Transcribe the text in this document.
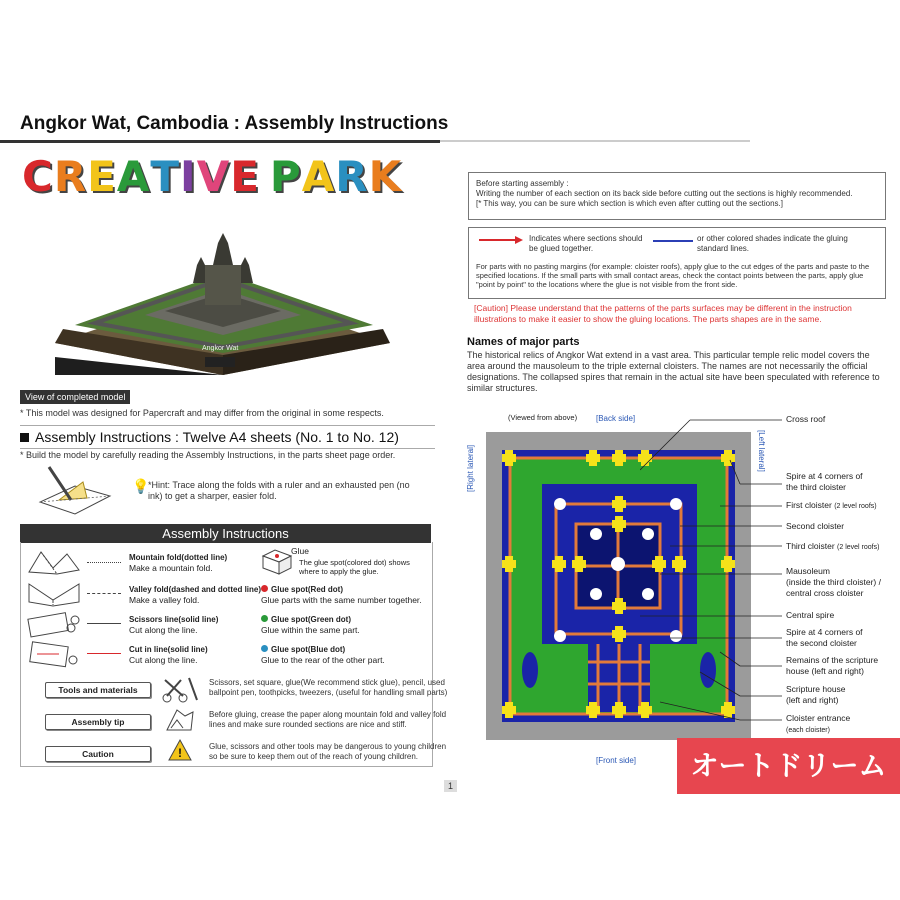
Angkor Wat, Cambodia : Assembly Instructions
CREATIVE PARK
Angkor Wat
View of completed model
* This model was designed for Papercraft and may differ from the original in some respects.
Assembly Instructions : Twelve A4 sheets (No. 1 to No. 12)
* Build the model by carefully reading the Assembly Instructions, in the parts sheet page order.
💡
*Hint: Trace along the folds with a ruler and an exhausted pen (no ink) to get a sharper, easier fold.
Assembly Instructions
Mountain fold(dotted line)
Make a mountain fold.
Valley fold(dashed and dotted line)
Make a valley fold.
Scissors line(solid line)
Cut along the line.
Cut in line(solid line)
Cut along the line.
Glue
The glue spot(colored dot) shows where to apply the glue.
Glue spot(Red dot)
Glue parts with the same number together.
Glue spot(Green dot)
Glue within the same part.
Glue spot(Blue dot)
Glue to the rear of the other part.
Tools and materials
Scissors, set square, glue(We recommend stick glue), pencil, used ballpoint pen, toothpicks, tweezers, (useful for handling small parts)
Assembly tip
Before gluing, crease the paper along mountain fold and valley fold lines and make sure rounded sections are nice and stiff.
Caution	!	Glue, scissors and other tools may be dangerous to young children so be sure to keep them out of the reach of young children.
1
Before starting assembly :
Writing the number of each section on its back side before cutting out the sections is highly recommended.
[* This way, you can be sure which section is which even after cutting out the sections.]
Indicates where sections should be glued together.
or other colored shades indicate the gluing standard lines.
For parts with no pasting margins (for example: cloister roofs), apply glue to the cut edges of the parts and paste to the specified locations. If the small parts with small contact areas, check the contact points between the parts, apply glue "point by point" to the locations where the glue is not visible from the front side.
[Caution] Please understand that the patterns of the parts surfaces may be different in the instruction illustrations to make it easier to show the gluing locations. The parts shapes are in the same.
Names of major parts
The historical relics of Angkor Wat extend in a vast area. This particular temple relic model covers the area around the mausoleum to the triple external cloisters. The names are not necessarily the official designations. The collapsed spires that remain in the actual site have been speculated with reference to similar structures.
(Viewed from above) [Back side]
[Front side]
[Right lateral]	[Left lateral]
Cross roof
Spire at 4 corners of
the third cloister
First cloister (2 level roofs)
Second cloister
Third cloister (2 level roofs)
Mausoleum
(inside the third cloister) / central cross cloister
Central spire
Spire at 4 corners of
the second cloister
Remains of the scripture
house (left and right)
Scripture house
(left and right)
Cloister entrance
(each cloister)
オートドリーム
